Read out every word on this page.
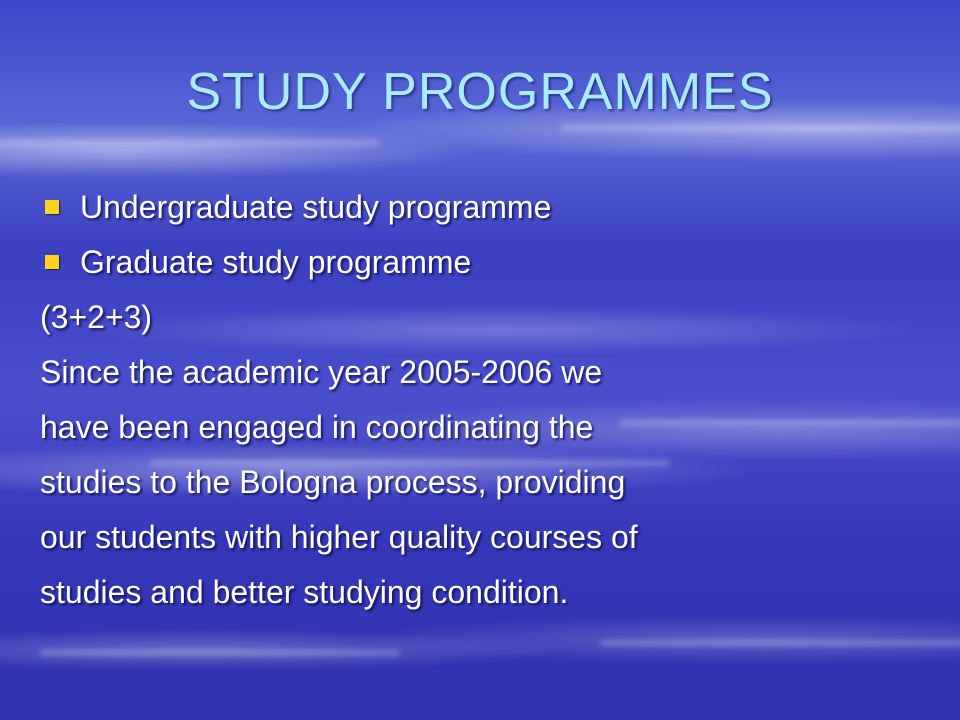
STUDY PROGRAMMES
Undergraduate study programme
Graduate study programme
(3+2+3)
Since the academic year 2005-2006 we
have been engaged in coordinating the
studies to the Bologna process, providing
our students with higher quality courses of
studies and better studying condition.
